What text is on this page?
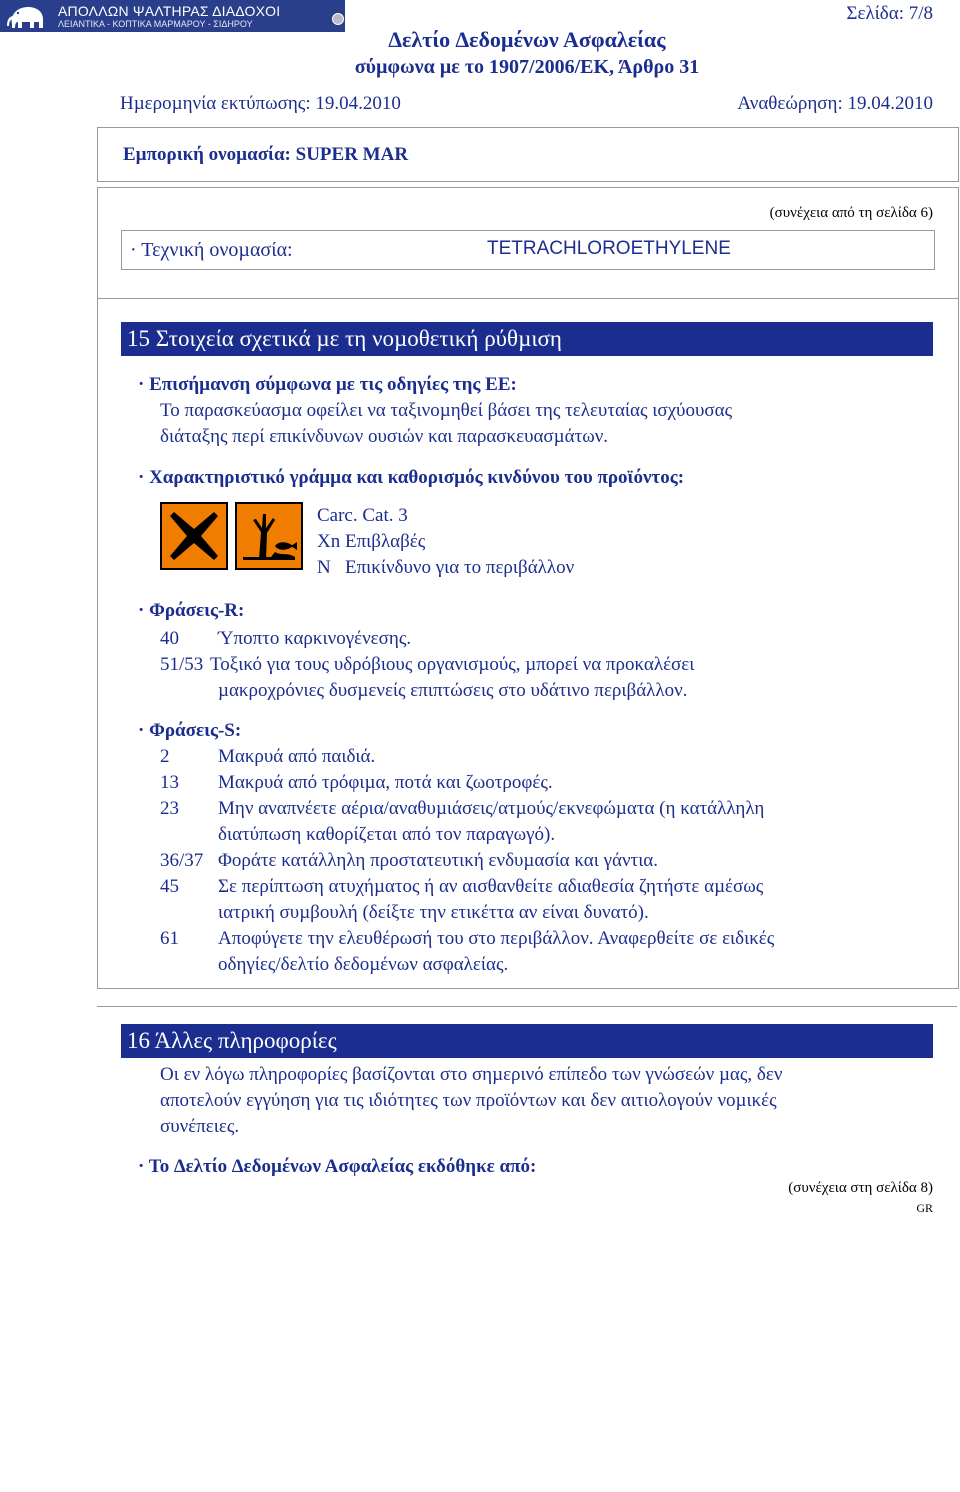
ΑΠΟΛΛΩΝ ΨΑΛΤΗΡΑΣ ΔΙΑΔΟΧΟΙ
ΛΕΙΑΝΤΙΚΑ - ΚΟΠΤΙΚΑ ΜΑΡΜΑΡΟΥ - ΣΙΔΗΡΟΥ	Σελίδα: 7/8
∆ελτίο ∆εδοµένων Ασφαλείας
σύµφωνα µε το 1907/2006/ΕΚ, Άρθρο 31
Ηµεροµηνία εκτύπωσης: 19.04.2010	Αναθεώρηση: 19.04.2010
Εµπορική ονοµασία: SUPER MAR
(συνέχεια από τη σελίδα 6)
· Τεχνική ονοµασία:	TETRACHLOROETHYLENE
15 Στοιχεία σχετικά µε τη νοµοθετική ρύθµιση
· Επισήµανση σύµφωνα µε τις οδηγίες της ΕΕ:
Το παρασκεύασµα οφείλει να ταξινοµηθεί βάσει της τελευταίας ισχύουσας
διάταξης περί επικίνδυνων ουσιών και παρασκευασµάτων.
· Χαρακτηριστικό γράµµα και καθορισµός κινδύνου του προϊόντος:
Carc. Cat. 3
Xn Επιβλαβές
N   Επικίνδυνο για το περιβάλλον
· Φράσεις-R:
40 Ύποπτο καρκινογένεσης.
51/53 Τοξικό για τους υδρόβιους οργανισµούς, µπορεί να προκαλέσει
µακροχρόνιες δυσµενείς επιπτώσεις στο υδάτινο περιβάλλον.
· Φράσεις-S:
2	Μακρυά από παιδιά.
13 Μακρυά από τρόφιµα, ποτά και ζωοτροφές.
23 Μην αναπνέετε αέρια/αναθυµιάσεις/ατµούς/εκνεφώµατα (η κατάλληλη
διατύπωση καθορίζεται από τον παραγωγό).
36/37 Φοράτε κατάλληλη προστατευτική ενδυµασία και γάντια.
45 Σε περίπτωση ατυχήµατος ή αν αισθανθείτε αδιαθεσία ζητήστε αµέσως
ιατρική συµβουλή (δείξτε την ετικέττα αν είναι δυνατό).
61 Αποφύγετε την ελευθέρωσή του στο περιβάλλον. Αναφερθείτε σε ειδικές
οδηγίες/δελτίο δεδοµένων ασφαλείας.
16 Άλλες πληροφορίες
Οι εν λόγω πληροφορίες βασίζονται στο σηµερινό επίπεδο των γνώσεών µας, δεν
αποτελούν εγγύηση για τις ιδιότητες των προϊόντων και δεν αιτιολογούν νοµικές
συνέπειες.
· Το ∆ελτίο ∆εδοµένων Ασφαλείας εκδόθηκε από:
(συνέχεια στη σελίδα 8)
GR
